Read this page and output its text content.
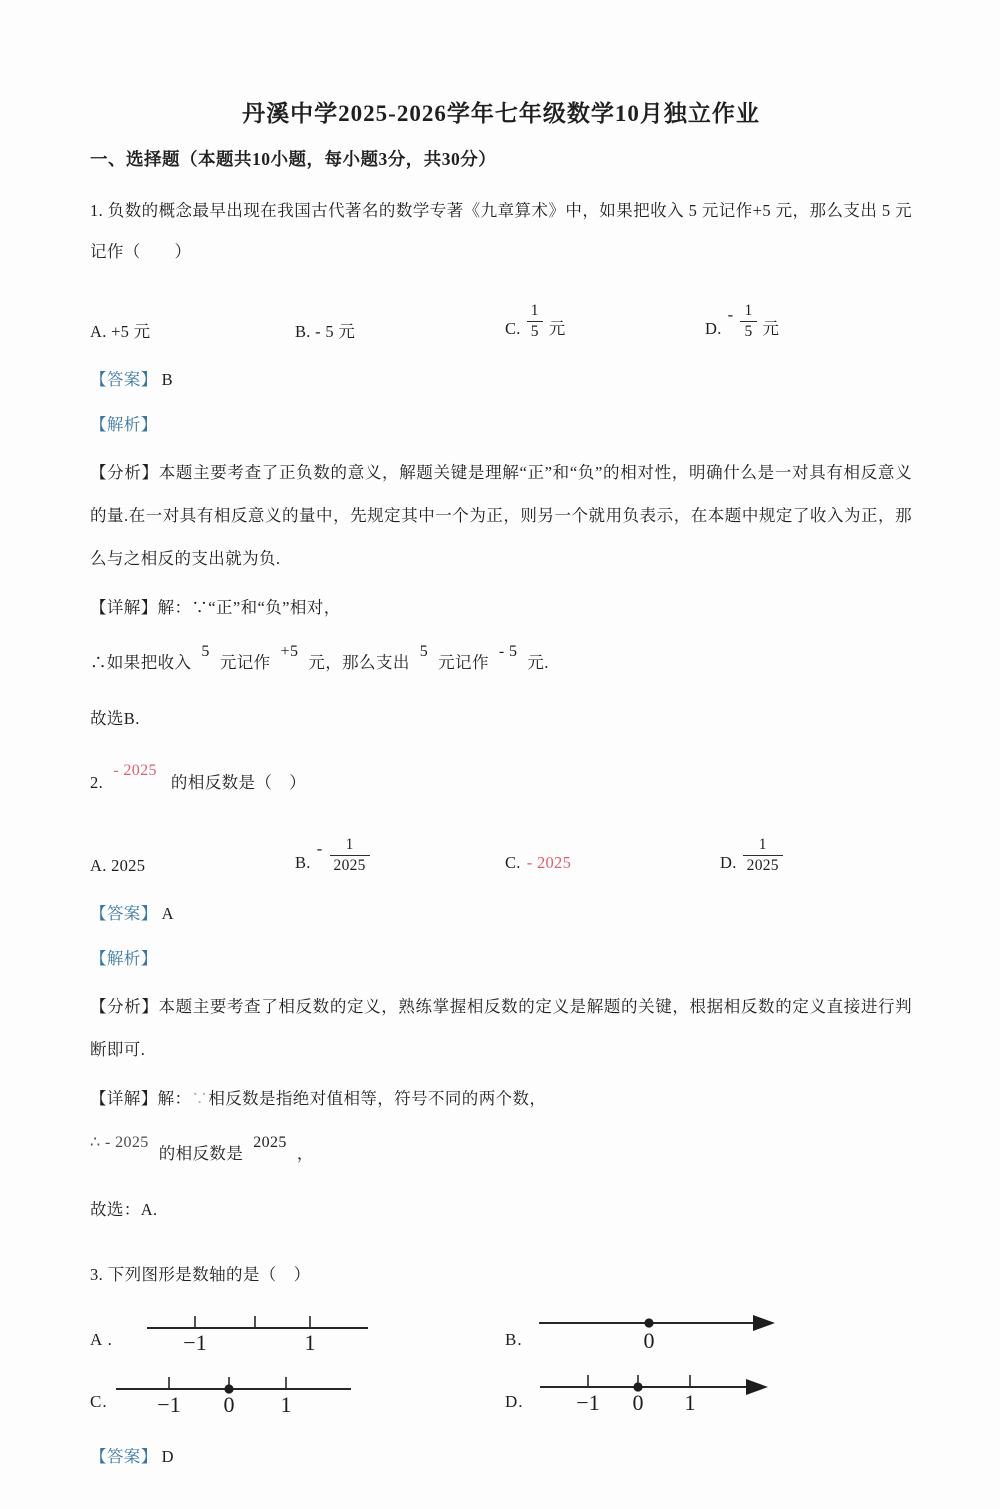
丹溪中学2025-2026学年七年级数学10月独立作业
一、选择题（本题共10小题，每小题3分，共30分）

1. 负数的概念最早出现在我国古代著名的数学专著《九章算术》中，如果把收入 5 元记作+5 元，那么支出 5 元记作（　　）

A. +5 元	B. - 5 元	C. $\frac{1}{5}$ 元	D.
- $\frac{1}{5}$ 元

【答案】 B

【解析】

【分析】本题主要考查了正负数的意义，解题关键是理解“正”和“负”的相对性，明确什么是一对具有相反意义的量.在一对具有相反意义的量中，先规定其中一个为正，则另一个就用负表示，在本题中规定了收入为正，那么与之相反的支出就为负.

【详解】解：∵“正”和“负”相对，

∴如果把收入5元记作+5元，那么支出5元记作- 5元.

故选B.

2.- 2025的相反数是（　）

A. 2025	B.
- $\frac{1}{2025}$	C. - 2025	D. $\frac{1}{2025}$

【答案】 A

【解析】

【分析】本题主要考查了相反数的定义，熟练掌握相反数的定义是解题的关键，根据相反数的定义直接进行判断即可.

【详解】解：∵相反数是指绝对值相等，符号不同的两个数，

∴ - 2025的相反数是2025，

故选：A.

3. 下列图形是数轴的是（　）

A .	−1	1	B.	0
C. −1 0 1	D. −1 0 1

【答案】 D
